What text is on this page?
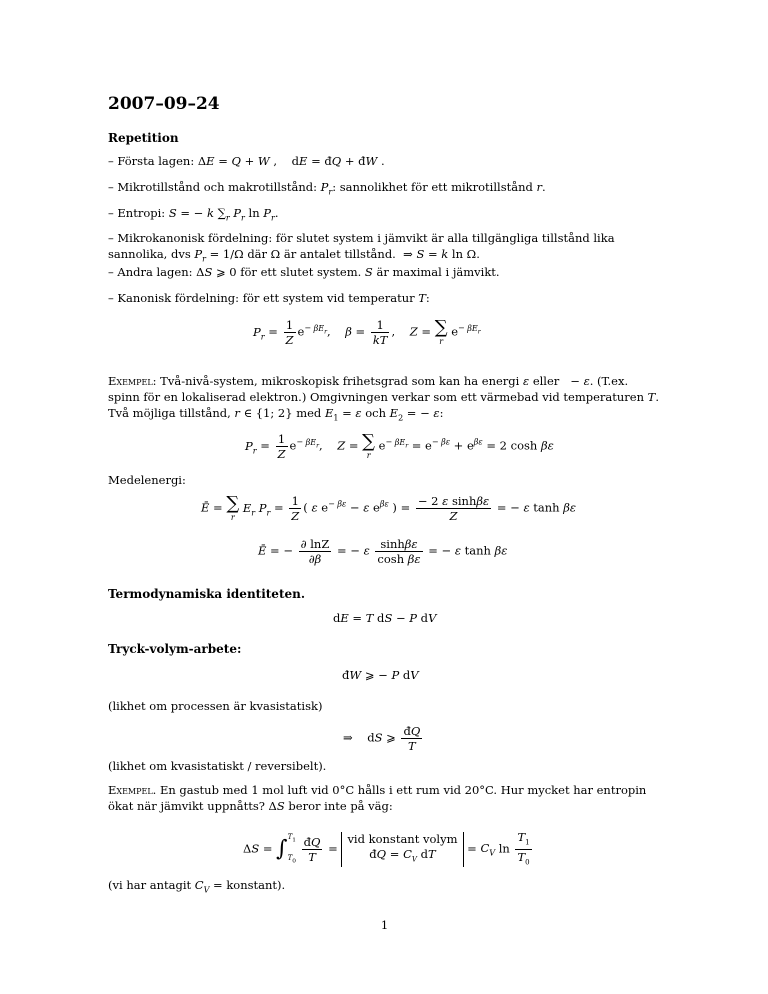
2007–09–24
Repetition

– Första lagen: ΔE = Q + W ,    dE = đQ + đW .

– Mikrotillstånd och makrotillstånd: $P_r$: sannolikhet för ett mikrotillstånd r.

– Entropi: S = − k $\sum_r$ $P_r$ $\ln P_r$.

– Mikrokanonisk fördelning: för slutet system i jämvikt är alla tillgängliga tillstånd lika sannolika, dvs $P_r = 1/\Omega$ där Ω är antalet tillstånd.  ⇒ S = k ln Ω.

– Andra lagen: ΔS ⩾ 0 för ett slutet system. S är maximal i jämvikt.

– Kanonisk fördelning: för ett system vid temperatur T:

$P_r = \frac{1}{Z} e^{- \beta E_r}$,    $\beta = \frac{1}{kT}$ ,    Z = ∑
r
$e^{- \beta E_r}$

Exempel: Två-nivå-system, mikroskopisk frihetsgrad som kan ha energi ε eller   − ε. (T.ex. spinn för en lokaliserad elektron.) Omgivningen verkar som ett värmebad vid temperaturen T. Två möjliga tillstånd, r ∈ {1; 2} med $E_1 = \varepsilon$ och $E_2$ = − ε:

$P_r = \frac{1}{Z} e^{- \beta E_r}$,    Z = ∑
r
$e^{- \beta E_r} = e^{- \beta\varepsilon} + e^{\beta\varepsilon} = 2$ cosh βε

Medelenergi:

Ē = ∑
r
$E_r$ $P_r = \frac{1}{Z}$ ( ε $e^{- \beta\varepsilon} - \varepsilon$ $e^{\beta\varepsilon}$ ) = $\frac{\text{− 2 ε sinhβε}}{Z}$ = − ε tanh βε
Ē = − $\frac{\partial \ln Z}{\partial\beta}$ = − ε $\frac{\sinh\beta\varepsilon}{\text{cosh βε}}$ = − ε tanh βε
Termodynamiska identiteten.
dE = T dS − P dV
Tryck-volym-arbete:
đW ⩾ − P dV

(likhet om processen är kvasistatisk)

⇒    dS ⩾ $\frac{đQ}{T}$

(likhet om kvasistatiskt / reversibelt).

Exempel. En gastub med 1 mol luft vid 0°C hålls i ett rum vid 20°C. Hur mycket har entropin ökat när jämvikt uppnåtts? ΔS beror inte på väg:

$\Delta S = \int T_1$
$T_0 \frac{đQ}{T}$ = vid konstant volym
đQ = $C_V$ dT = $C_V$ $\ln \frac{T_1}{T_0}$

(vi har antagit $C_V$ = konstant).

1
